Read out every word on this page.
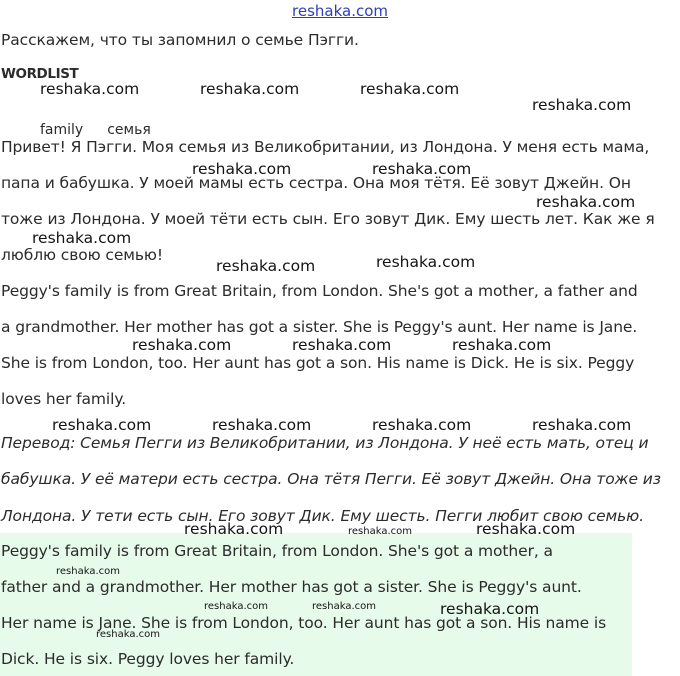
reshaka.com
Расскажем, что ты запомнил о семье Пэгги.
WORDLIST
family семья
Привет! Я Пэгги. Моя семья из Великобритании, из Лондона. У меня есть мама,
папа и бабушка. У моей мамы есть сестра. Она моя тётя. Её зовут Джейн. Он
тоже из Лондона. У моей тёти есть сын. Его зовут Дик. Ему шесть лет. Как же я
люблю свою семью!
Peggy's family is from Great Britain, from London. She's got a mother, a father and
a grandmother. Her mother has got a sister. She is Peggy's aunt. Her name is Jane.
She is from London, too. Her aunt has got a son. His name is Dick. He is six. Peggy
loves her family.
Перевод: Семья Пегги из Великобритании, из Лондона. У неё есть мать, отец и
бабушка. У её матери есть сестра. Она тётя Пегги. Её зовут Джейн. Она тоже из
Лондона. У тети есть сын. Его зовут Дик. Ему шесть. Пегги любит свою семью.
Peggy's family is from Great Britain, from London. She's got a mother, a
father and a grandmother. Her mother has got a sister. She is Peggy's aunt.
Her name is Jane. She is from London, too. Her aunt has got a son. His name is
Dick. He is six. Peggy loves her family.
reshaka.com	reshaka.com	reshaka.com
reshaka.com
reshaka.com	reshaka.com
reshaka.com
reshaka.com
reshaka.com	reshaka.com
reshaka.com	reshaka.com	reshaka.com
reshaka.com	reshaka.com	reshaka.com	reshaka.com
reshaka.com	reshaka.com	reshaka.com
reshaka.com
reshaka.com	reshaka.com	reshaka.com
reshaka.com
